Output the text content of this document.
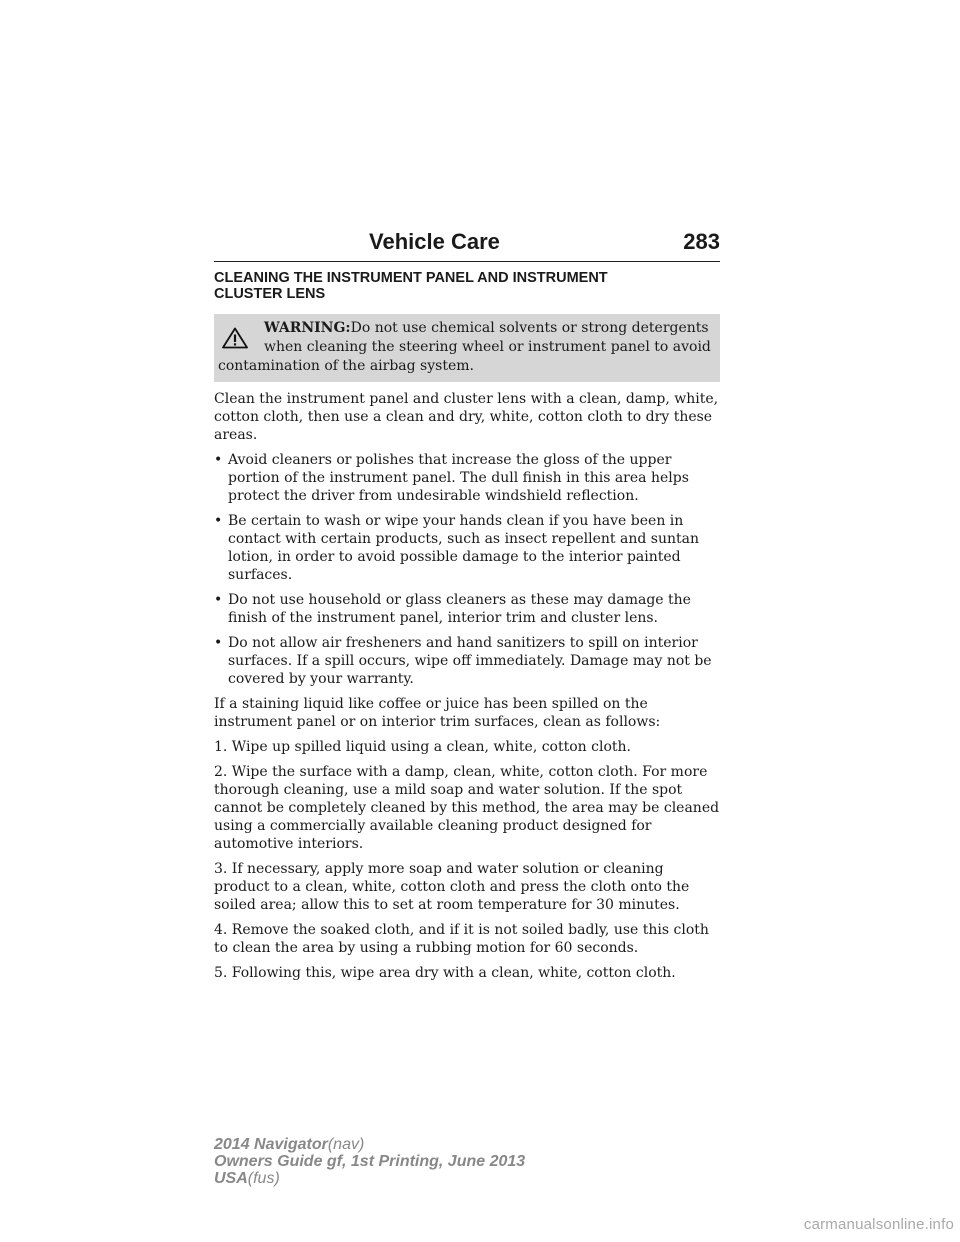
Vehicle Care	283
CLEANING THE INSTRUMENT PANEL AND INSTRUMENT
CLUSTER LENS
WARNING:Do not use chemical solvents or strong detergents
when cleaning the steering wheel or instrument panel to avoid
contamination of the airbag system.

Clean the instrument panel and cluster lens with a clean, damp, white, cotton cloth, then use a clean and dry, white, cotton cloth to dry these areas.

• Avoid cleaners or polishes that increase the gloss of the upper portion of the instrument panel. The dull finish in this area helps protect the driver from undesirable windshield reflection.
• Be certain to wash or wipe your hands clean if you have been in contact with certain products, such as insect repellent and suntan lotion, in order to avoid possible damage to the interior painted surfaces.
• Do not use household or glass cleaners as these may damage the finish of the instrument panel, interior trim and cluster lens.
• Do not allow air fresheners and hand sanitizers to spill on interior surfaces. If a spill occurs, wipe off immediately. Damage may not be covered by your warranty.

If a staining liquid like coffee or juice has been spilled on the instrument panel or on interior trim surfaces, clean as follows:

1. Wipe up spilled liquid using a clean, white, cotton cloth.

2. Wipe the surface with a damp, clean, white, cotton cloth. For more thorough cleaning, use a mild soap and water solution. If the spot cannot be completely cleaned by this method, the area may be cleaned using a commercially available cleaning product designed for automotive interiors.

3. If necessary, apply more soap and water solution or cleaning product to a clean, white, cotton cloth and press the cloth onto the soiled area; allow this to set at room temperature for 30 minutes.

4. Remove the soaked cloth, and if it is not soiled badly, use this cloth to clean the area by using a rubbing motion for 60 seconds.

5. Following this, wipe area dry with a clean, white, cotton cloth.

2014 Navigator(nav)
Owners Guide gf, 1st Printing, June 2013
USA(fus)
carmanualsonline.info
